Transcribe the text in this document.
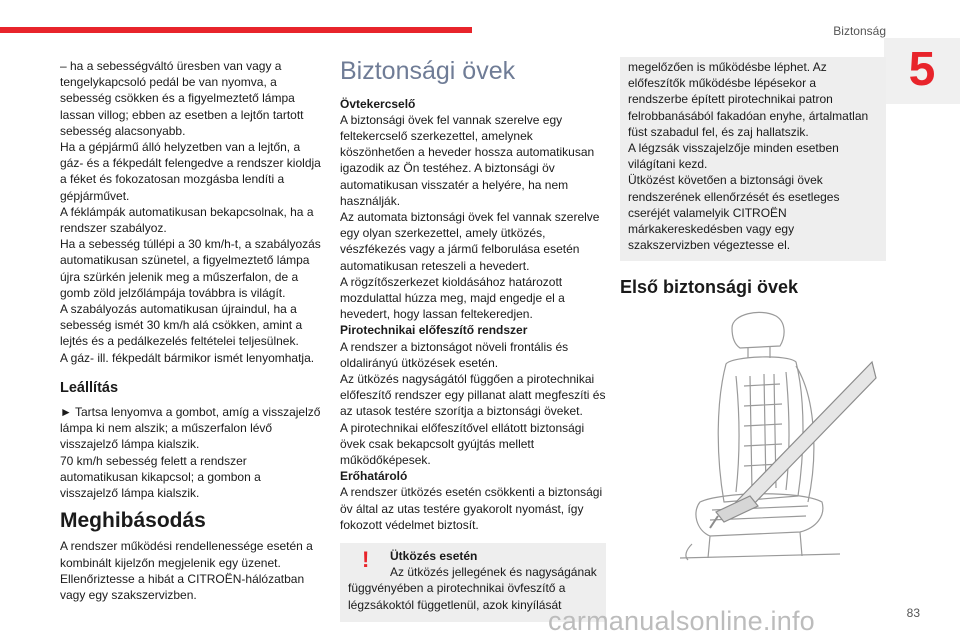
Biztonság
5

– ha a sebességváltó üresben van vagy a tengelykapcsoló pedál be van nyomva, a sebesség csökken és a figyelmeztető lámpa lassan villog; ebben az esetben a lejtőn tartott sebesség alacsonyabb.

Ha a gépjármű álló helyzetben van a lejtőn, a gáz- és a fékpedált felengedve a rendszer kioldja a féket és fokozatosan mozgásba lendíti a gépjárművet.

A féklámpák automatikusan bekapcsolnak, ha a rendszer szabályoz.

Ha a sebesség túllépi a 30 km/h-t, a szabályozás automatikusan szünetel, a figyelmeztető lámpa újra szürkén jelenik meg a műszerfalon, de a gomb zöld jelzőlámpája továbbra is világít.

A szabályozás automatikusan újraindul, ha a sebesség ismét 30 km/h alá csökken, amint a lejtés és a pedálkezelés feltételei teljesülnek.

A gáz- ill. fékpedált bármikor ismét lenyomhatja.

Leállítás

► Tartsa lenyomva a gombot, amíg a visszajelző lámpa ki nem alszik; a műszerfalon lévő visszajelző lámpa kialszik.

70 km/h sebesség felett a rendszer automatikusan kikapcsol; a gombon a visszajelző lámpa kialszik.

Meghibásodás

A rendszer működési rendellenessége esetén a kombinált kijelzőn megjelenik egy üzenet.

Ellenőriztesse a hibát a CITROËN-hálózatban vagy egy szakszervizben.

Biztonsági övek

Övtekercselő

A biztonsági övek fel vannak szerelve egy feltekercselő szerkezettel, amelynek köszönhetően a heveder hossza automatikusan igazodik az Ön testéhez. A biztonsági öv automatikusan visszatér a helyére, ha nem használják.

Az automata biztonsági övek fel vannak szerelve egy olyan szerkezettel, amely ütközés, vészfékezés vagy a jármű felborulása esetén automatikusan reteszeli a hevedert.

A rögzítőszerkezet kioldásához határozott mozdulattal húzza meg, majd engedje el a hevedert, hogy lassan feltekeredjen.

Pirotechnikai előfeszítő rendszer

A rendszer a biztonságot növeli frontális és oldalirányú ütközések esetén.

Az ütközés nagyságától függően a pirotechnikai előfeszítő rendszer egy pillanat alatt megfeszíti és az utasok testére szorítja a biztonsági öveket.

A pirotechnikai előfeszítővel ellátott biztonsági övek csak bekapcsolt gyújtás mellett működőképesek.

Erőhatároló

A rendszer ütközés esetén csökkenti a biztonsági öv által az utas testére gyakorolt nyomást, így fokozott védelmet biztosít.

!	Ütközés esetén

Az ütközés jellegének és nagyságának

függvényében a pirotechnikai övfeszítő a légzsákoktól függetlenül, azok kinyílását

megelőzően is működésbe léphet. Az előfeszítők működésbe lépésekor a rendszerbe épített pirotechnikai patron felrobbanásából fakadóan enyhe, ártalmatlan füst szabadul fel, és zaj hallatszik.

A légzsák visszajelzője minden esetben világítani kezd.

Ütközést követően a biztonsági övek rendszerének ellenőrzését és esetleges cseréjét valamelyik CITROËN márkakereskedésben vagy egy szakszervizben végeztesse el.

Első biztonsági övek
carmanualsonline.info	83
